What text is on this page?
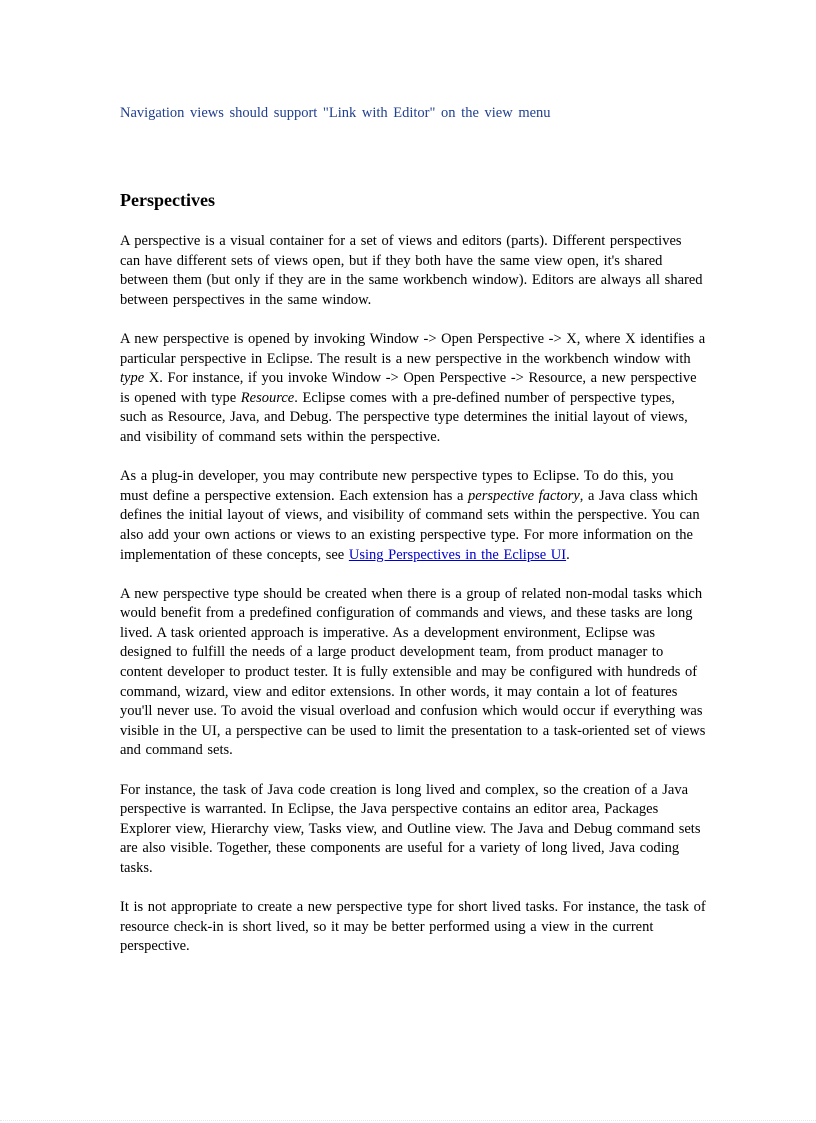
Navigation views should support "Link with Editor" on the view menu

Perspectives

A perspective is a visual container for a set of views and editors (parts). Different perspectives can have different sets of views open, but if they both have the same view open, it's shared between them (but only if they are in the same workbench window). Editors are always all shared between perspectives in the same window.

A new perspective is opened by invoking Window -> Open Perspective -> X, where X identifies a particular perspective in Eclipse. The result is a new perspective in the workbench window with type X. For instance, if you invoke Window -> Open Perspective -> Resource, a new perspective is opened with type Resource. Eclipse comes with a pre-defined number of perspective types, such as Resource, Java, and Debug. The perspective type determines the initial layout of views, and visibility of command sets within the perspective.

As a plug-in developer, you may contribute new perspective types to Eclipse. To do this, you must define a perspective extension. Each extension has a perspective factory, a Java class which defines the initial layout of views, and visibility of command sets within the perspective. You can also add your own actions or views to an existing perspective type. For more information on the implementation of these concepts, see Using Perspectives in the Eclipse UI.

A new perspective type should be created when there is a group of related non-modal tasks which would benefit from a predefined configuration of commands and views, and these tasks are long lived. A task oriented approach is imperative. As a development environment, Eclipse was designed to fulfill the needs of a large product development team, from product manager to content developer to product tester. It is fully extensible and may be configured with hundreds of command, wizard, view and editor extensions. In other words, it may contain a lot of features you'll never use. To avoid the visual overload and confusion which would occur if everything was visible in the UI, a perspective can be used to limit the presentation to a task-oriented set of views and command sets.

For instance, the task of Java code creation is long lived and complex, so the creation of a Java perspective is warranted. In Eclipse, the Java perspective contains an editor area, Packages Explorer view, Hierarchy view, Tasks view, and Outline view. The Java and Debug command sets are also visible. Together, these components are useful for a variety of long lived, Java coding tasks.

It is not appropriate to create a new perspective type for short lived tasks. For instance, the task of resource check-in is short lived, so it may be better performed using a view in the current perspective.
